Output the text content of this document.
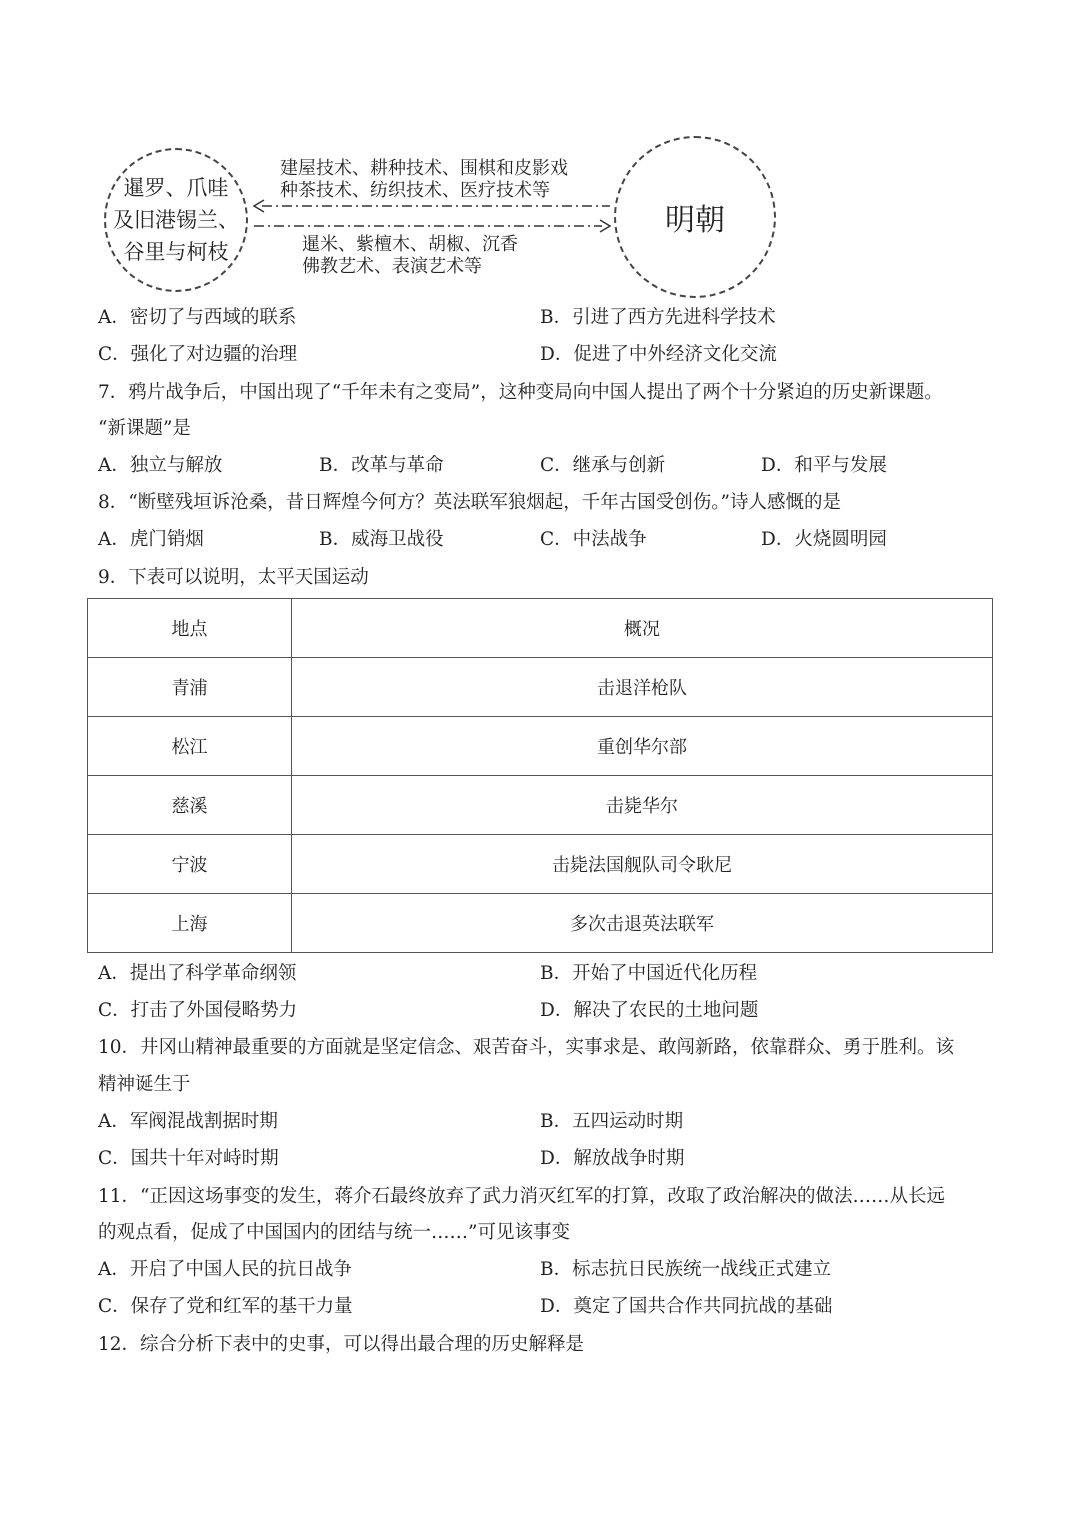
暹罗、爪哇
及旧港锡兰、
谷里与柯枝
明朝
建屋技术、耕种技术、围棋和皮影戏
种茶技术、纺织技术、医疗技术等
暹米、紫檀木、胡椒、沉香
佛教艺术、表演艺术等
A．密切了与西域的联系	B．引进了西方先进科学技术
C．强化了对边疆的治理	D．促进了中外经济文化交流
7．鸦片战争后，中国出现了“千年未有之变局”，这种变局向中国人提出了两个十分紧迫的历史新课题。
“新课题”是
A．独立与解放	B．改革与革命	C．继承与创新	D．和平与发展
8．“断壁残垣诉沧桑，昔日辉煌今何方？英法联军狼烟起，千年古国受创伤。”诗人感慨的是
A．虎门销烟	B．威海卫战役	C．中法战争	D．火烧圆明园
9．下表可以说明，太平天国运动
地点	概况
青浦	击退洋枪队
松江	重创华尔部
慈溪	击毙华尔
宁波	击毙法国舰队司令耿尼
上海	多次击退英法联军
A．提出了科学革命纲领	B．开始了中国近代化历程
C．打击了外国侵略势力	D．解决了农民的土地问题
10．井冈山精神最重要的方面就是坚定信念、艰苦奋斗，实事求是、敢闯新路，依靠群众、勇于胜利。该
精神诞生于
A．军阀混战割据时期	B．五四运动时期
C．国共十年对峙时期	D．解放战争时期
11．“正因这场事变的发生，蒋介石最终放弃了武力消灭红军的打算，改取了政治解决的做法……从长远
的观点看，促成了中国国内的团结与统一……”可见该事变
A．开启了中国人民的抗日战争	B．标志抗日民族统一战线正式建立
C．保存了党和红军的基干力量	D．奠定了国共合作共同抗战的基础
12．综合分析下表中的史事，可以得出最合理的历史解释是
